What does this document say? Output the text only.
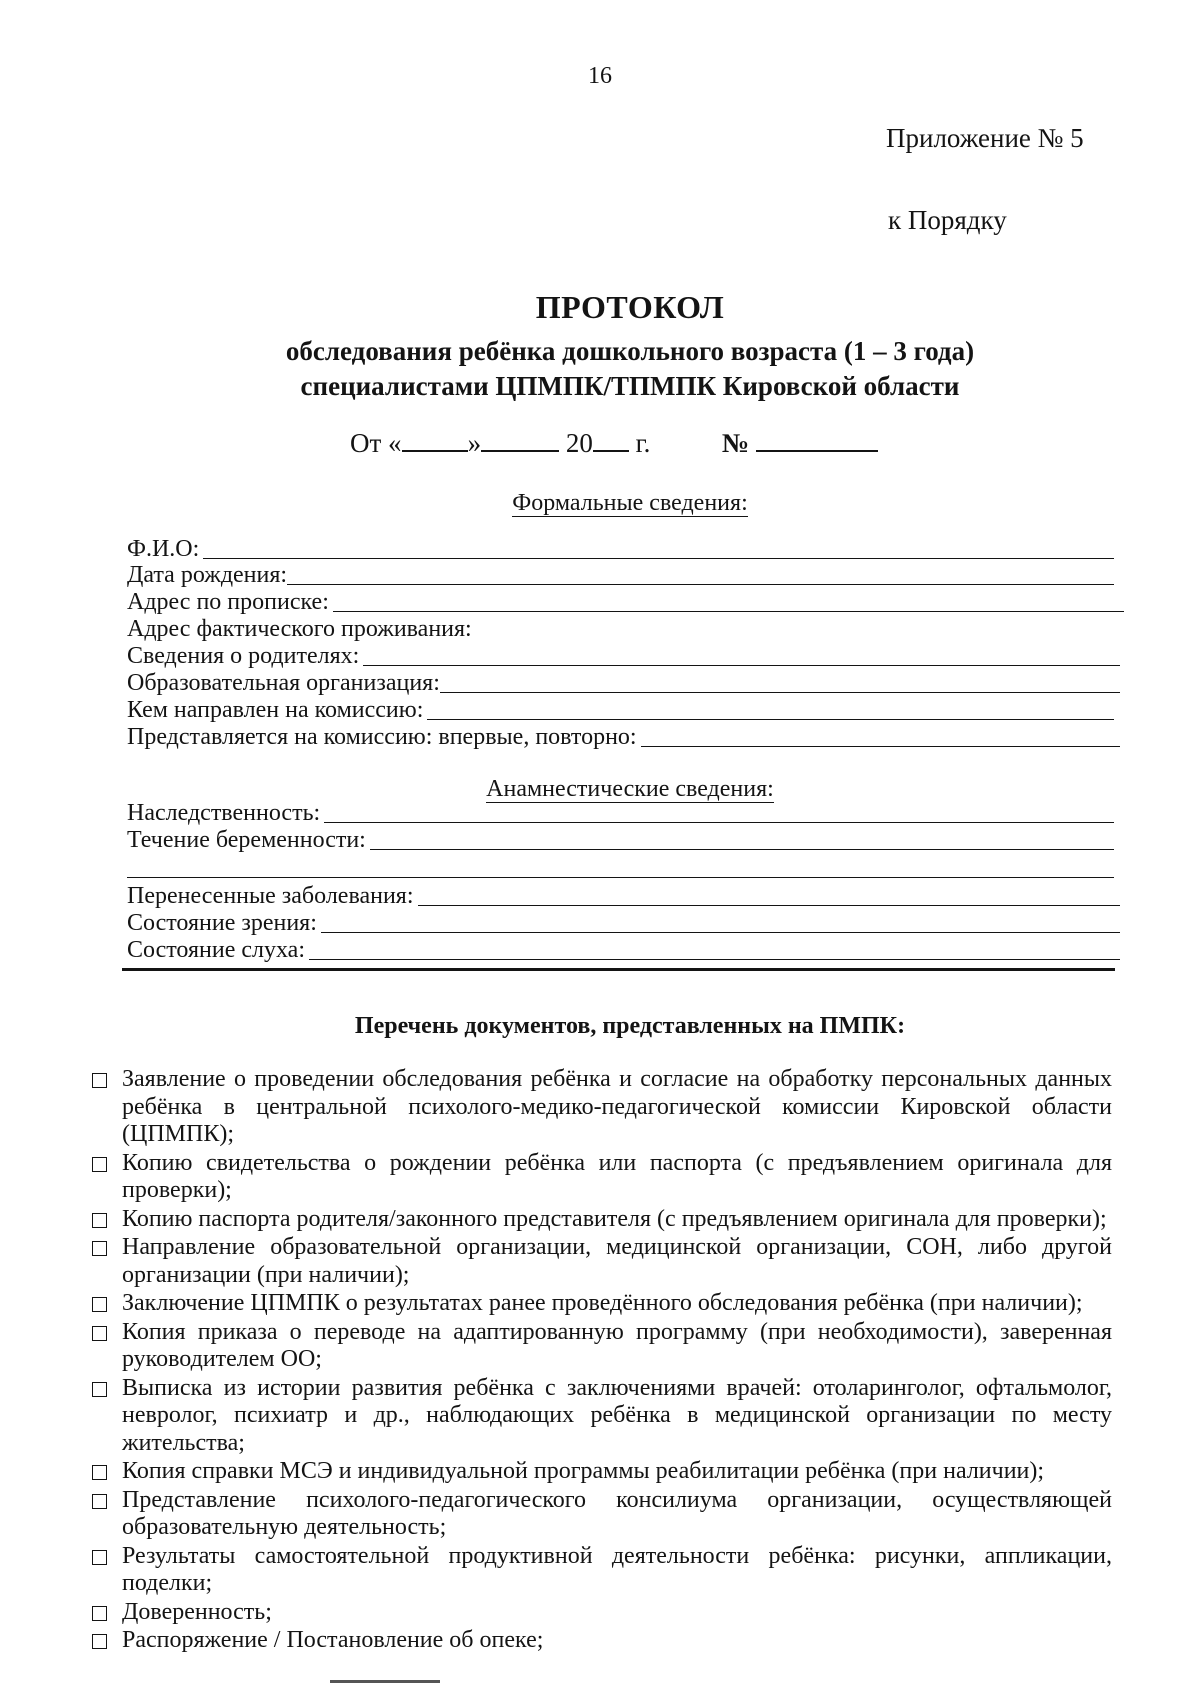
16
Приложение № 5
к Порядку
ПРОТОКОЛ
обследования ребёнка дошкольного возраста (1 – 3 года)
специалистами ЦПМПК/ТПМПК Кировской области
От « »	20 г.	№
Формальные сведения:
Ф.И.О:
Дата рождения:
Адрес по прописке:
Адрес фактического проживания:
Сведения о родителях:
Образовательная организация:
Кем направлен на комиссию:
Представляется на комиссию: впервые, повторно:
Анамнестические сведения:
Наследственность:
Течение беременности:
Перенесенные заболевания:
Состояние зрения:
Состояние слуха:
Перечень документов, представленных на ПМПК:
Заявление о проведении обследования ребёнка и согласие на обработку персональных данных ребёнка в центральной психолого-медико-педагогической комиссии Кировской области (ЦПМПК);
Копию свидетельства о рождении ребёнка или паспорта (с предъявлением оригинала для проверки);
Копию паспорта родителя/законного представителя (с предъявлением оригинала для проверки);
Направление образовательной организации, медицинской организации, СОН, либо другой организации (при наличии);
Заключение ЦПМПК о результатах ранее проведённого обследования ребёнка (при наличии);
Копия приказа о переводе на адаптированную программу (при необходимости), заверенная руководителем ОО;
Выписка из истории развития ребёнка с заключениями врачей: отоларинголог, офтальмолог, невролог, психиатр и др., наблюдающих ребёнка в медицинской организации по месту жительства;
Копия справки МСЭ и индивидуальной программы реабилитации ребёнка (при наличии);
Представление психолого-педагогического консилиума организации, осуществляющей образовательную деятельность;
Результаты самостоятельной продуктивной деятельности ребёнка: рисунки, аппликации, поделки;
Доверенность;
Распоряжение / Постановление об опеке;
